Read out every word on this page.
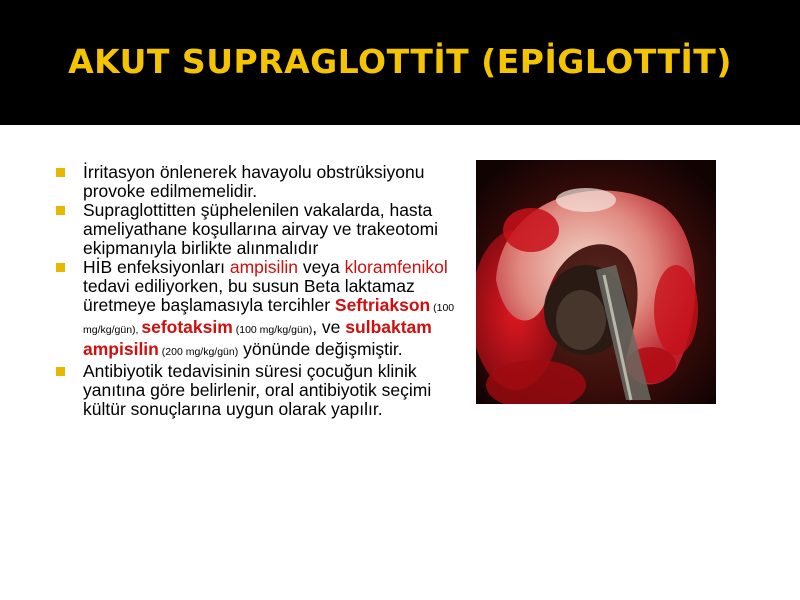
AKUT SUPRAGLOTTİT (EPİGLOTTİT)
İrritasyon önlenerek havayolu obstrüksiyonu provoke edilmemelidir.
Supraglottitten şüphelenilen vakalarda, hasta ameliyathane koşullarına airvay ve trakeotomi ekipmanıyla birlikte alınmalıdır
HİB enfeksiyonları ampisilin veya kloramfenikol tedavi ediliyorken, bu susun Beta laktamaz üretmeye başlamasıyla tercihler Seftriakson (100 mg/kg/gün), sefotaksim (100 mg/kg/gün), ve sulbaktam ampisilin (200 mg/kg/gün) yönünde değişmiştir.
Antibiyotik tedavisinin süresi çocuğun klinik yanıtına göre belirlenir, oral antibiyotik seçimi kültür sonuçlarına uygun olarak yapılır.
